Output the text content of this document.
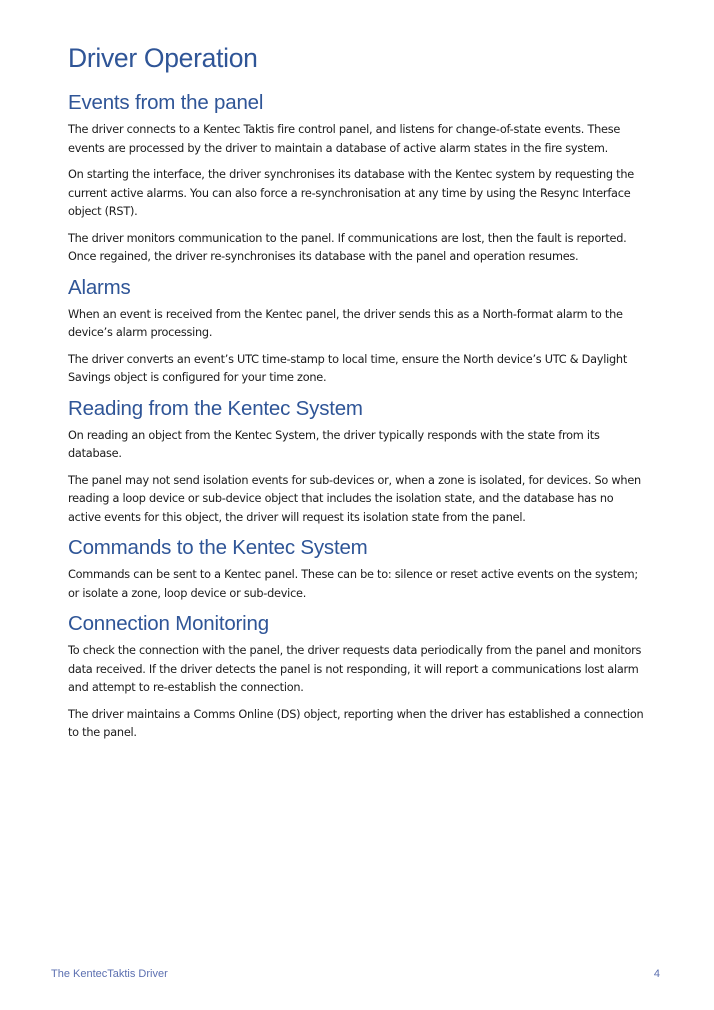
Driver Operation
Events from the panel

The driver connects to a Kentec Taktis fire control panel, and listens for change-of-state events. These events are processed by the driver to maintain a database of active alarm states in the fire system.

On starting the interface, the driver synchronises its database with the Kentec system by requesting the current active alarms. You can also force a re-synchronisation at any time by using the Resync Interface object (RST).

The driver monitors communication to the panel. If communications are lost, then the fault is reported. Once regained, the driver re-synchronises its database with the panel and operation resumes.

Alarms

When an event is received from the Kentec panel, the driver sends this as a North-format alarm to the device’s alarm processing.

The driver converts an event’s UTC time-stamp to local time, ensure the North device’s UTC & Daylight Savings object is configured for your time zone.

Reading from the Kentec System

On reading an object from the Kentec System, the driver typically responds with the state from its database.

The panel may not send isolation events for sub-devices or, when a zone is isolated, for devices. So when reading a loop device or sub-device object that includes the isolation state, and the database has no active events for this object, the driver will request its isolation state from the panel.

Commands to the Kentec System

Commands can be sent to a Kentec panel. These can be to: silence or reset active events on the system; or isolate a zone, loop device or sub-device.

Connection Monitoring

To check the connection with the panel, the driver requests data periodically from the panel and monitors data received. If the driver detects the panel is not responding, it will report a communications lost alarm and attempt to re-establish the connection.

The driver maintains a Comms Online (DS) object, reporting when the driver has established a connection to the panel.

The KentecTaktis Driver	4
